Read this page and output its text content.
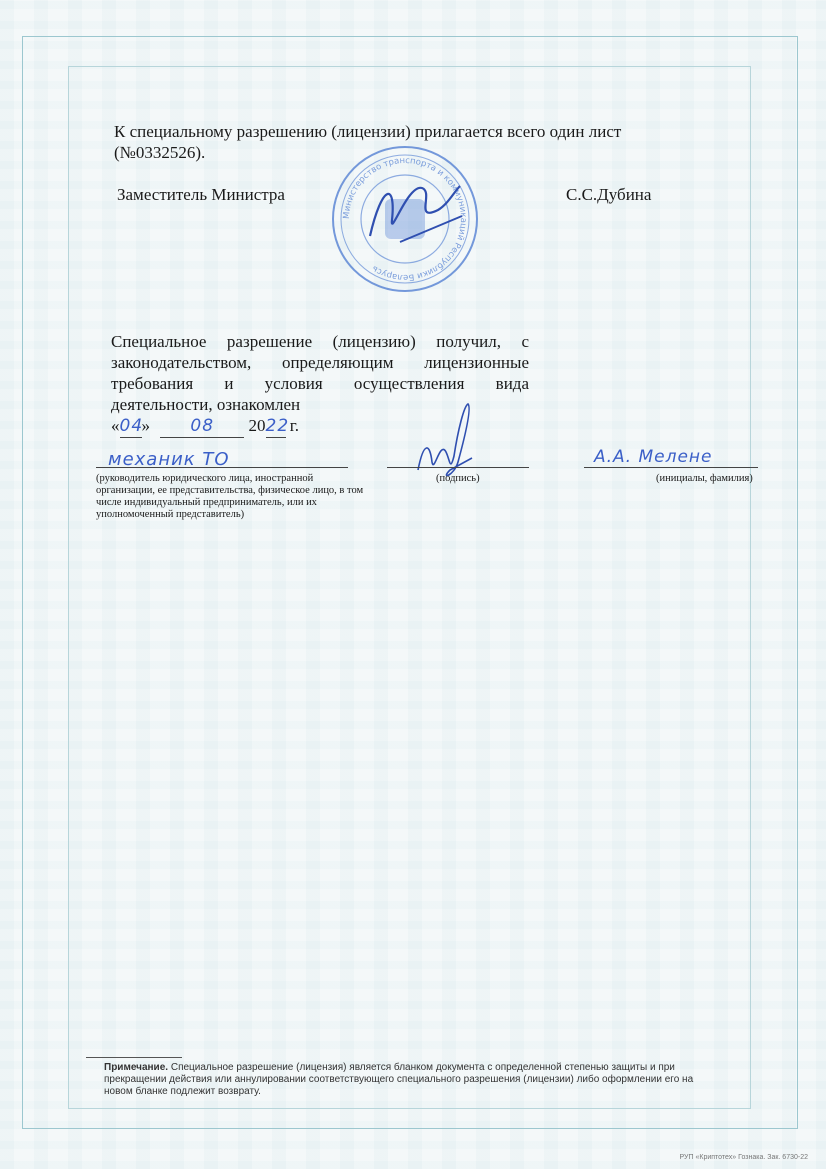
К специальному разрешению (лицензии) прилагается всего один лист (№0332526).
Заместитель Министра	С.С.Дубина
Министерство транспорта и коммуникаций Республики Беларусь
Специальное разрешение (лицензию) получил, с законодательством, определяющим лицензионные требования и условия осуществления вида
деятельности, ознакомлен
«04» 08 2022 г.
механик ТО
(руководитель юридического лица, иностранной организации, ее представительства, физическое лицо, в том числе индивидуальный предприниматель, или их уполномоченный представитель)
(подпись)
А.А. Мелене
(инициалы, фамилия)
Примечание. Специальное разрешение (лицензия) является бланком документа с определенной степенью защиты и при прекращении действия или аннулировании соответствующего специального разрешения (лицензии) либо оформлении его на новом бланке подлежит возврату.
РУП «Криптотех» Гознака. Зак. 6730-22
